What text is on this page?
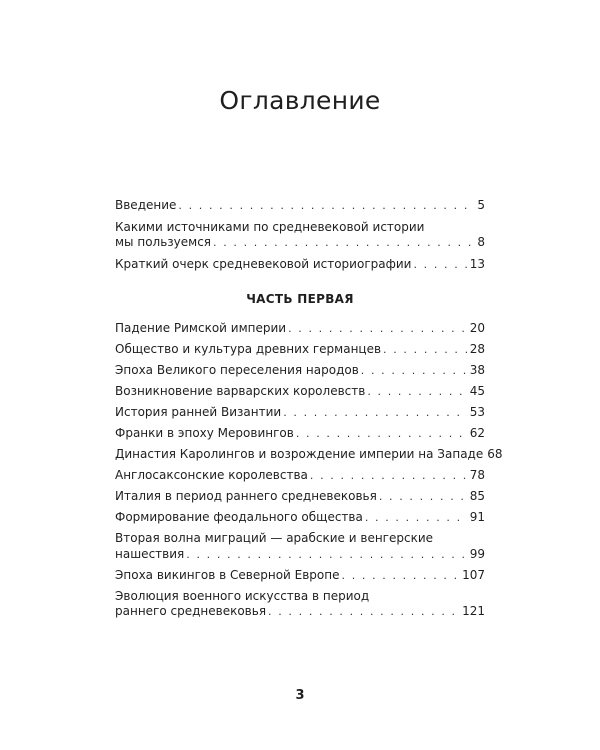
Оглавление
Введение . . .	5
Какими источниками по средневековой истории
мы пользуемся . . .	8
Краткий очерк средневековой историографии . . .	13
ЧАСТЬ ПЕРВАЯ
Падение Римской империи . . .	20
Общество и культура древних германцев . . .	28
Эпоха Великого переселения народов . . .	38
Возникновение варварских королевств . . .	45
История ранней Византии . . .	53
Франки в эпоху Меровингов . . .	62
Династия Каролингов и возрождение империи на Западе 68
Англосаксонские королевства . . .	78
Италия в период раннего средневековья . . .	85
Формирование феодального общества . . .	91
Вторая волна миграций — арабские и венгерские
нашествия . . .	99
Эпоха викингов в Северной Европе . . .	107
Эволюция военного искусства в период
раннего средневековья . . .	121
3
